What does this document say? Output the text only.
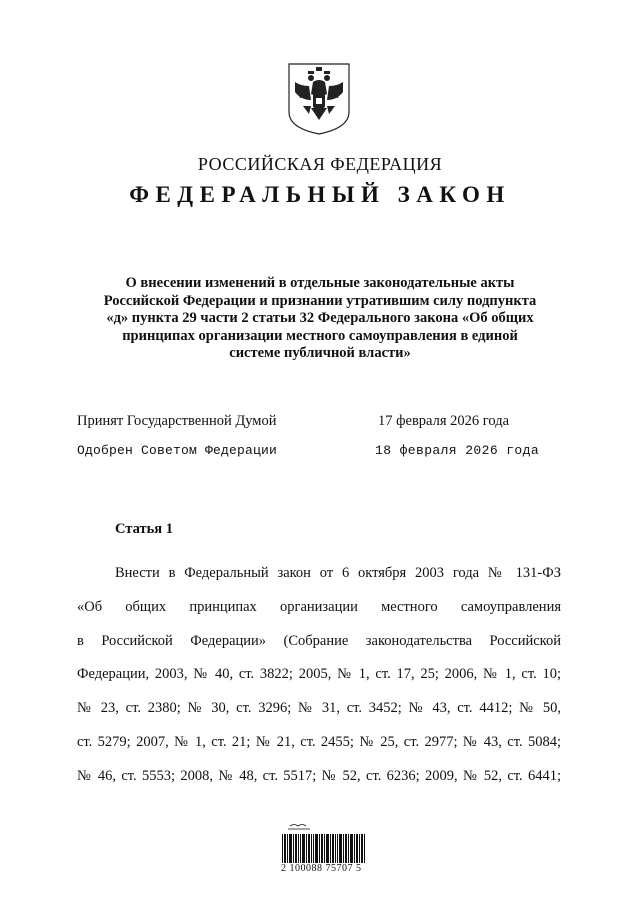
РОССИЙСКАЯ ФЕДЕРАЦИЯ
ФЕДЕРАЛЬНЫЙ ЗАКОН
О внесении изменений в отдельные законодательные акты
Российской Федерации и признании утратившим силу подпункта
«д» пункта 29 части 2 статьи 32 Федерального закона «Об общих
принципах организации местного самоуправления в единой
системе публичной власти»
Принят Государственной Думой	17 февраля 2026 года
Одобрен Советом Федерации	18 февраля 2026 года
Статья 1
Внести в Федеральный закон от 6 октября 2003 года № 131-ФЗ
«Об общих принципах организации местного самоуправления
в Российской Федерации» (Собрание законодательства Российской
Федерации, 2003, № 40, ст. 3822; 2005, № 1, ст. 17, 25; 2006, № 1, ст. 10;
№ 23, ст. 2380; № 30, ст. 3296; № 31, ст. 3452; № 43, ст. 4412; № 50,
ст. 5279; 2007, № 1, ст. 21; № 21, ст. 2455; № 25, ст. 2977; № 43, ст. 5084;
№ 46, ст. 5553; 2008, № 48, ст. 5517; № 52, ст. 6236; 2009, № 52, ст. 6441;
2 100088 75707 5
